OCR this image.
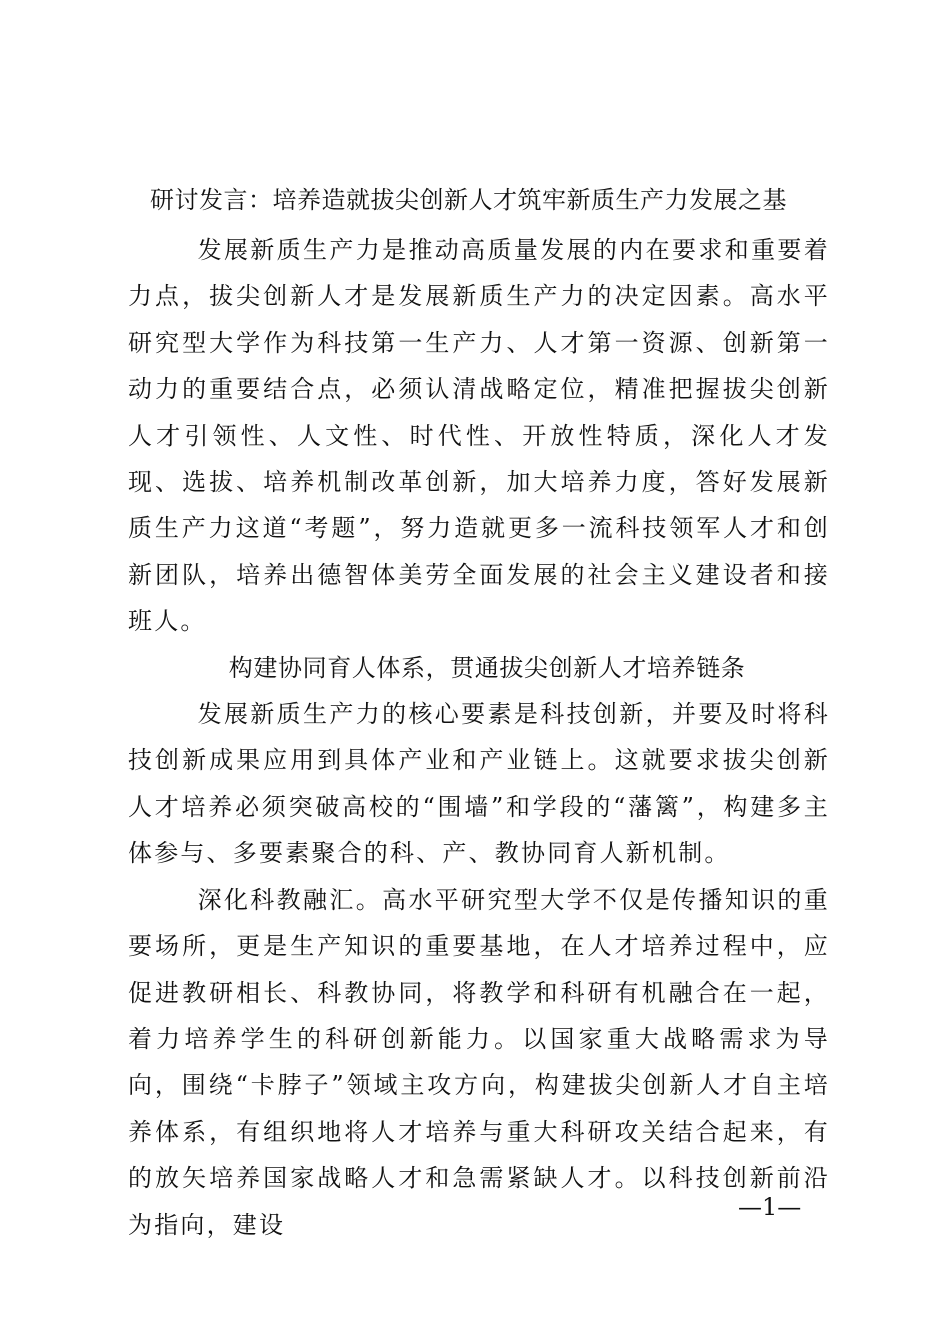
研讨发言：培养造就拔尖创新人才筑牢新质生产力发展之基

发展新质生产力是推动高质量发展的内在要求和重要着力点，拔尖创新人才是发展新质生产力的决定因素。高水平研究型大学作为科技第一生产力、人才第一资源、创新第一动力的重要结合点，必须认清战略定位，精准把握拔尖创新人才引领性、人文性、时代性、开放性特质，深化人才发现、选拔、培养机制改革创新，加大培养力度，答好发展新质生产力这道“考题”，努力造就更多一流科技领军人才和创新团队，培养出德智体美劳全面发展的社会主义建设者和接班人。

构建协同育人体系，贯通拔尖创新人才培养链条

发展新质生产力的核心要素是科技创新，并要及时将科技创新成果应用到具体产业和产业链上。这就要求拔尖创新人才培养必须突破高校的“围墙”和学段的“藩篱”，构建多主体参与、多要素聚合的科、产、教协同育人新机制。

深化科教融汇。高水平研究型大学不仅是传播知识的重要场所，更是生产知识的重要基地，在人才培养过程中，应促进教研相长、科教协同，将教学和科研有机融合在一起，着力培养学生的科研创新能力。以国家重大战略需求为导向，围绕“卡脖子”领域主攻方向，构建拔尖创新人才自主培养体系，有组织地将人才培养与重大科研攻关结合起来，有的放矢培养国家战略人才和急需紧缺人才。以科技创新前沿为指向，建设

—1—
